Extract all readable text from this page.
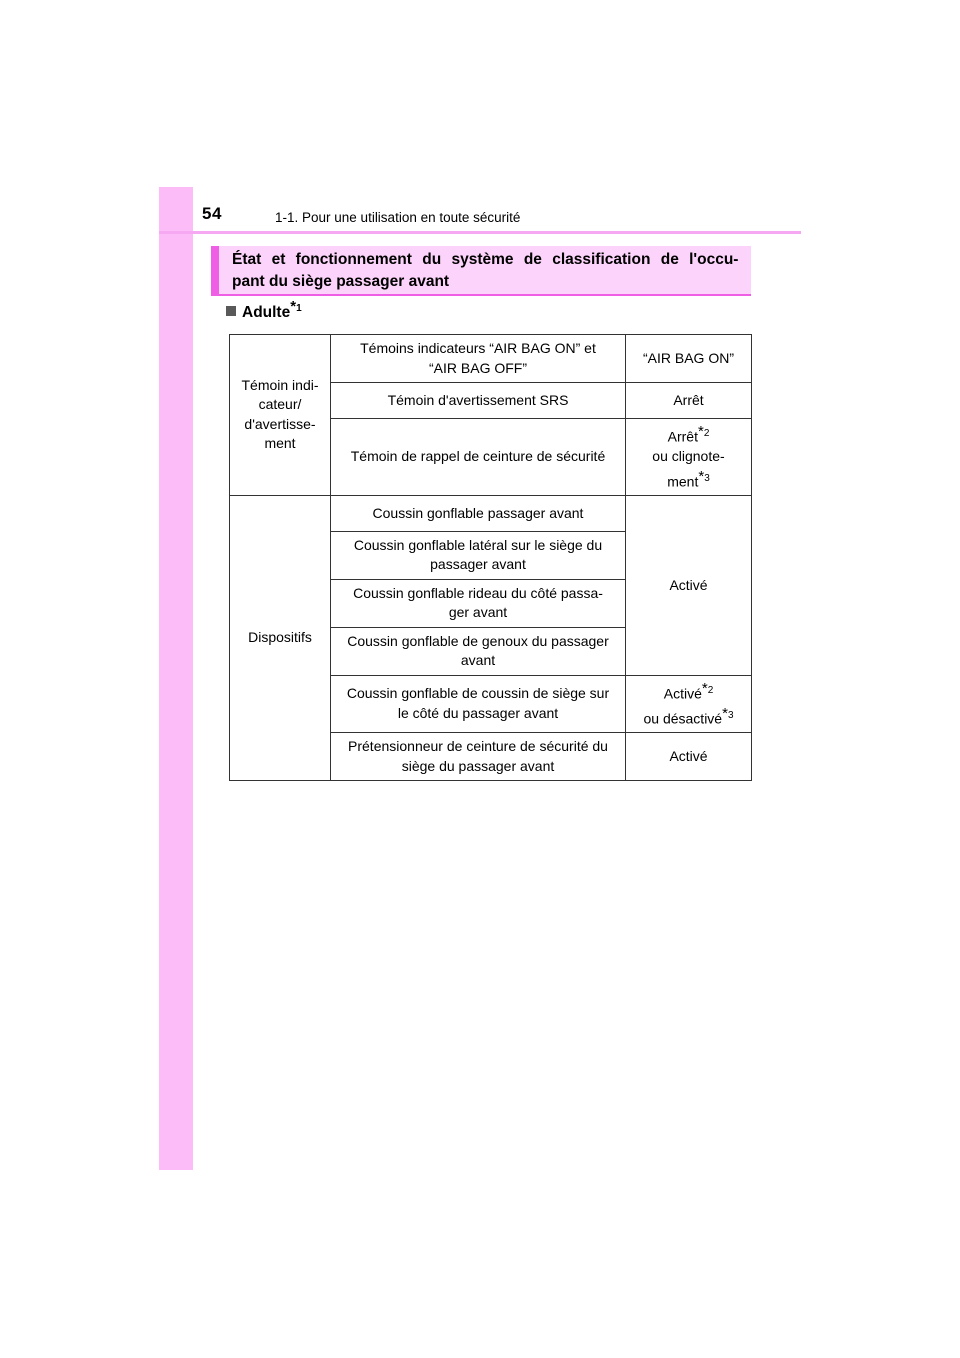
54	1-1. Pour une utilisation en toute sécurité
État et fonctionnement du système de classification de l'occu-
pant du siège passager avant
Adulte$^{*1}$
Témoin indi-
cateur/
d'avertisse-
ment	Témoins indicateurs “AIR BAG ON” et
“AIR BAG OFF”	“AIR BAG ON”

	Témoin d'avertissement SRS	Arrêt

	Témoin de rappel de ceinture de sécurité	Arrêt$^{*2}$
ou clignote-
ment$^{*3}$

Dispositifs	Coussin gonflable passager avant	Activé

	Coussin gonflable latéral sur le siège du
passager avant	

	Coussin gonflable rideau du côté passa-
ger avant	

	Coussin gonflable de genoux du passager
avant	

	Coussin gonflable de coussin de siège sur
le côté du passager avant	Activé$^{*2}$
ou désactivé$^{*3}$

	Prétensionneur de ceinture de sécurité du
siège du passager avant	Activé
